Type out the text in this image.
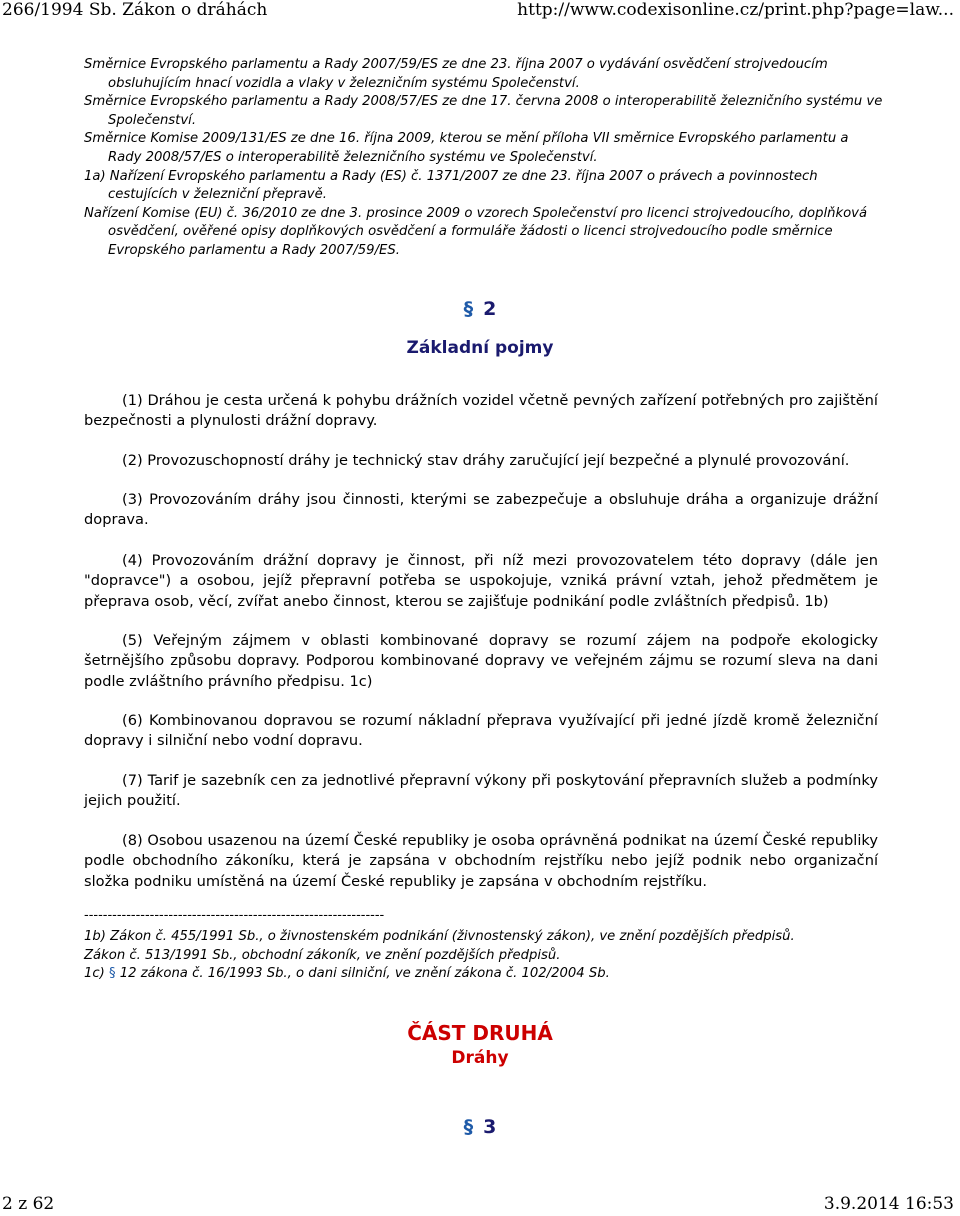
266/1994 Sb. Zákon o dráhách	http://www.codexisonline.cz/print.php?page=law...
Směrnice Evropského parlamentu a Rady 2007/59/ES ze dne 23. října 2007 o vydávání osvědčení strojvedoucím obsluhujícím hnací vozidla a vlaky v železničním systému Společenství.
Směrnice Evropského parlamentu a Rady 2008/57/ES ze dne 17. června 2008 o interoperabilitě železničního systému ve Společenství.
Směrnice Komise 2009/131/ES ze dne 16. října 2009, kterou se mění příloha VII směrnice Evropského parlamentu a Rady 2008/57/ES o interoperabilitě železničního systému ve Společenství.
1a) Nařízení Evropského parlamentu a Rady (ES) č. 1371/2007 ze dne 23. října 2007 o právech a povinnostech cestujících v železniční přepravě.
Nařízení Komise (EU) č. 36/2010 ze dne 3. prosince 2009 o vzorech Společenství pro licenci strojvedoucího, doplňková osvědčení, ověřené opisy doplňkových osvědčení a formuláře žádosti o licenci strojvedoucího podle směrnice Evropského parlamentu a Rady 2007/59/ES.
§ 2
Základní pojmy

(1) Dráhou je cesta určená k pohybu drážních vozidel včetně pevných zařízení potřebných pro zajištění bezpečnosti a plynulosti drážní dopravy.

(2) Provozuschopností dráhy je technický stav dráhy zaručující její bezpečné a plynulé provozování.

(3) Provozováním dráhy jsou činnosti, kterými se zabezpečuje a obsluhuje dráha a organizuje drážní doprava.

(4) Provozováním drážní dopravy je činnost, při níž mezi provozovatelem této dopravy (dále jen "dopravce") a osobou, jejíž přepravní potřeba se uspokojuje, vzniká právní vztah, jehož předmětem je přeprava osob, věcí, zvířat anebo činnost, kterou se zajišťuje podnikání podle zvláštních předpisů. 1b)

(5) Veřejným zájmem v oblasti kombinované dopravy se rozumí zájem na podpoře ekologicky šetrnějšího způsobu dopravy. Podporou kombinované dopravy ve veřejném zájmu se rozumí sleva na dani podle zvláštního právního předpisu. 1c)

(6) Kombinovanou dopravou se rozumí nákladní přeprava využívající při jedné jízdě kromě železniční dopravy i silniční nebo vodní dopravu.

(7) Tarif je sazebník cen za jednotlivé přepravní výkony při poskytování přepravních služeb a podmínky jejich použití.

(8) Osobou usazenou na území České republiky je osoba oprávněná podnikat na území České republiky podle obchodního zákoníku, která je zapsána v obchodním rejstříku nebo jejíž podnik nebo organizační složka podniku umístěná na území České republiky je zapsána v obchodním rejstříku.

----------------------------------------------------------------
1b) Zákon č. 455/1991 Sb., o živnostenském podnikání (živnostenský zákon), ve znění pozdějších předpisů.
Zákon č. 513/1991 Sb., obchodní zákoník, ve znění pozdějších předpisů.
1c) § 12 zákona č. 16/1993 Sb., o dani silniční, ve znění zákona č. 102/2004 Sb.
ČÁST DRUHÁ
Dráhy
§ 3
2 z 62	3.9.2014 16:53
